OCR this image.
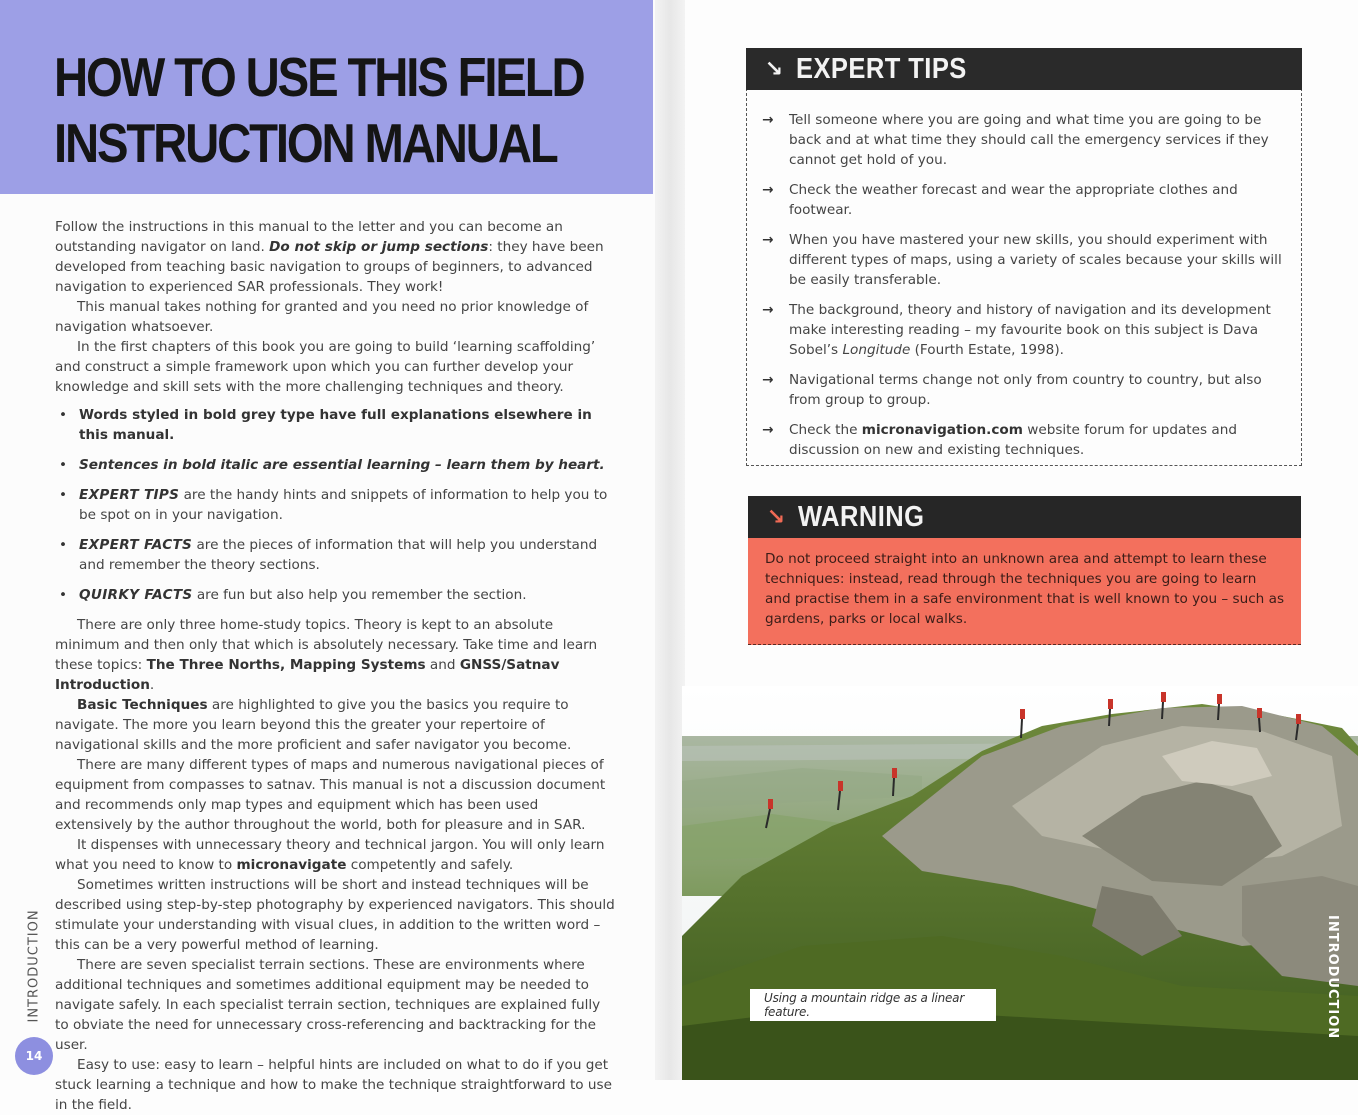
HOW TO USE THIS FIELD
INSTRUCTION MANUAL

Follow the instructions in this manual to the letter and you can become an outstanding navigator on land. Do not skip or jump sections: they have been developed from teaching basic navigation to groups of beginners, to advanced navigation to experienced SAR professionals. They work!

This manual takes nothing for granted and you need no prior knowledge of navigation whatsoever.

In the first chapters of this book you are going to build ‘learning scaffolding’ and construct a simple framework upon which you can further develop your knowledge and skill sets with the more challenging techniques and theory.

• Words styled in bold grey type have full explanations elsewhere in this manual.
• Sentences in bold italic are essential learning – learn them by heart.
• EXPERT TIPS are the handy hints and snippets of information to help you to be spot on in your navigation.
• EXPERT FACTS are the pieces of information that will help you understand and remember the theory sections.
• QUIRKY FACTS are fun but also help you remember the section.

There are only three home-study topics. Theory is kept to an absolute minimum and then only that which is absolutely necessary. Take time and learn these topics: The Three Norths, Mapping Systems and GNSS/Satnav Introduction.

Basic Techniques are highlighted to give you the basics you require to navigate. The more you learn beyond this the greater your repertoire of navigational skills and the more proficient and safer navigator you become.

There are many different types of maps and numerous navigational pieces of equipment from compasses to satnav. This manual is not a discussion document and recommends only map types and equipment which has been used extensively by the author throughout the world, both for pleasure and in SAR.

It dispenses with unnecessary theory and technical jargon. You will only learn what you need to know to micronavigate competently and safely.

Sometimes written instructions will be short and instead techniques will be described using step-by-step photography by experienced navigators. This should stimulate your understanding with visual clues, in addition to the written word – this can be a very powerful method of learning.

There are seven specialist terrain sections. These are environments where additional techniques and sometimes additional equipment may be needed to navigate safely. In each specialist terrain section, techniques are explained fully to obviate the need for unnecessary cross-referencing and backtracking for the user.

Easy to use: easy to learn – helpful hints are included on what to do if you get stuck learning a technique and how to make the technique straightforward to use in the field.

INTRODUCTION
14
↘ EXPERT TIPS
→ Tell someone where you are going and what time you are going to be back and at what time they should call the emergency services if they cannot get hold of you.
→ Check the weather forecast and wear the appropriate clothes and footwear.
→ When you have mastered your new skills, you should experiment with different types of maps, using a variety of scales because your skills will be easily transferable.
→ The background, theory and history of navigation and its development make interesting reading – my favourite book on this subject is Dava Sobel’s Longitude (Fourth Estate, 1998).
→ Navigational terms change not only from country to country, but also from group to group.
→ Check the micronavigation.com website forum for updates and discussion on new and existing techniques.
↘ WARNING
Do not proceed straight into an unknown area and attempt to learn these techniques: instead, read through the techniques you are going to learn and practise them in a safe environment that is well known to you – such as gardens, parks or local walks.
Using a mountain ridge as a linear feature.	INTRODUCTION
